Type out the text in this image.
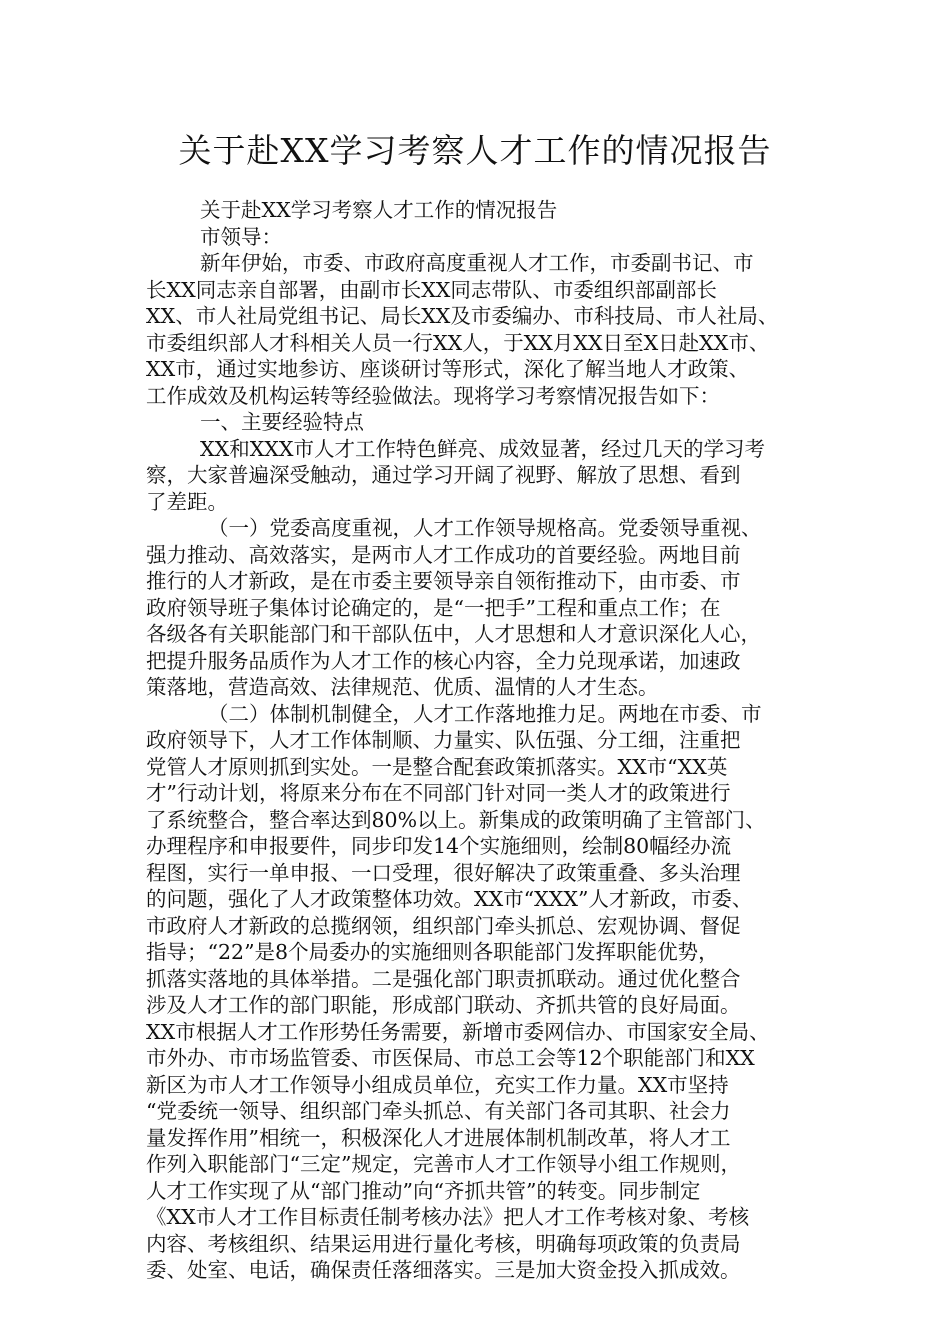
关于赴XX学习考察人才工作的情况报告
关于赴XX学习考察人才工作的情况报告
市领导：
新年伊始，市委、市政府高度重视人才工作，市委副书记、市
长XX同志亲自部署，由副市长XX同志带队、市委组织部副部长
XX、市人社局党组书记、局长XX及市委编办、市科技局、市人社局、
市委组织部人才科相关人员一行XX人，于XX月XX日至X日赴XX市、
XX市，通过实地参访、座谈研讨等形式，深化了解当地人才政策、
工作成效及机构运转等经验做法。现将学习考察情况报告如下：
一、主要经验特点
XX和XXX市人才工作特色鲜亮、成效显著，经过几天的学习考
察，大家普遍深受触动，通过学习开阔了视野、解放了思想、看到
了差距。
（一）党委高度重视，人才工作领导规格高。党委领导重视、
强力推动、高效落实，是两市人才工作成功的首要经验。两地目前
推行的人才新政，是在市委主要领导亲自领衔推动下，由市委、市
政府领导班子集体讨论确定的，是“一把手”工程和重点工作；在
各级各有关职能部门和干部队伍中，人才思想和人才意识深化人心，
把提升服务品质作为人才工作的核心内容，全力兑现承诺，加速政
策落地，营造高效、法律规范、优质、温情的人才生态。
（二）体制机制健全，人才工作落地推力足。两地在市委、市
政府领导下，人才工作体制顺、力量实、队伍强、分工细，注重把
党管人才原则抓到实处。一是整合配套政策抓落实。XX市“XX英
才”行动计划，将原来分布在不同部门针对同一类人才的政策进行
了系统整合，整合率达到80%以上。新集成的政策明确了主管部门、
办理程序和申报要件，同步印发14个实施细则，绘制80幅经办流
程图，实行一单申报、一口受理，很好解决了政策重叠、多头治理
的问题，强化了人才政策整体功效。XX市“XXX”人才新政，市委、
市政府人才新政的总揽纲领，组织部门牵头抓总、宏观协调、督促
指导；“22”是8个局委办的实施细则各职能部门发挥职能优势，
抓落实落地的具体举措。二是强化部门职责抓联动。通过优化整合
涉及人才工作的部门职能，形成部门联动、齐抓共管的良好局面。
XX市根据人才工作形势任务需要，新增市委网信办、市国家安全局、
市外办、市市场监管委、市医保局、市总工会等12个职能部门和XX
新区为市人才工作领导小组成员单位，充实工作力量。XX市坚持
“党委统一领导、组织部门牵头抓总、有关部门各司其职、社会力
量发挥作用”相统一，积极深化人才进展体制机制改革，将人才工
作列入职能部门“三定”规定，完善市人才工作领导小组工作规则，
人才工作实现了从“部门推动”向“齐抓共管”的转变。同步制定
《XX市人才工作目标责任制考核办法》把人才工作考核对象、考核
内容、考核组织、结果运用进行量化考核，明确每项政策的负责局
委、处室、电话，确保责任落细落实。三是加大资金投入抓成效。
